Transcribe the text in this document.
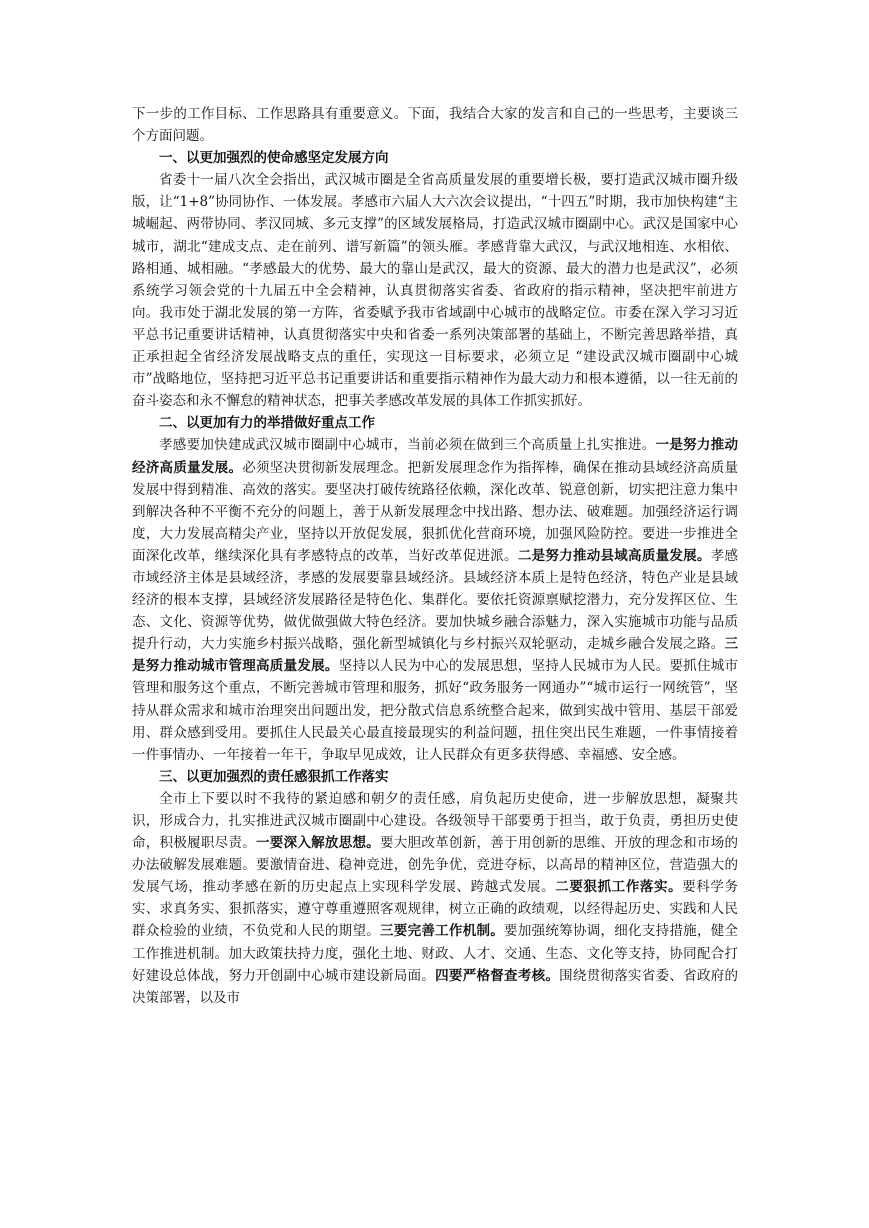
下一步的工作目标、工作思路具有重要意义。下面，我结合大家的发言和自己的一些思考，主要谈三个方面问题。

一、以更加强烈的使命感坚定发展方向

省委十一届八次全会指出，武汉城市圈是全省高质量发展的重要增长极，要打造武汉城市圈升级版，让“1+8”协同协作、一体发展。孝感市六届人大六次会议提出，“十四五”时期，我市加快构建“主城崛起、两带协同、孝汉同城、多元支撑”的区域发展格局，打造武汉城市圈副中心。武汉是国家中心城市，湖北“建成支点、走在前列、谱写新篇”的领头雁。孝感背靠大武汉，与武汉地相连、水相依、路相通、城相融。“孝感最大的优势、最大的靠山是武汉，最大的资源、最大的潜力也是武汉”，必须系统学习领会党的十九届五中全会精神，认真贯彻落实省委、省政府的指示精神，坚决把牢前进方向。我市处于湖北发展的第一方阵，省委赋予我市省域副中心城市的战略定位。市委在深入学习习近平总书记重要讲话精神，认真贯彻落实中央和省委一系列决策部署的基础上，不断完善思路举措，真正承担起全省经济发展战略支点的重任，实现这一目标要求，必须立足 “建设武汉城市圈副中心城市”战略地位，坚持把习近平总书记重要讲话和重要指示精神作为最大动力和根本遵循，以一往无前的奋斗姿态和永不懈怠的精神状态，把事关孝感改革发展的具体工作抓实抓好。

二、以更加有力的举措做好重点工作

孝感要加快建成武汉城市圈副中心城市，当前必须在做到三个高质量上扎实推进。一是努力推动经济高质量发展。必须坚决贯彻新发展理念。把新发展理念作为指挥棒，确保在推动县域经济高质量发展中得到精准、高效的落实。要坚决打破传统路径依赖，深化改革、锐意创新，切实把注意力集中到解决各种不平衡不充分的问题上，善于从新发展理念中找出路、想办法、破难题。加强经济运行调度，大力发展高精尖产业，坚持以开放促发展，狠抓优化营商环境，加强风险防控。要进一步推进全面深化改革，继续深化具有孝感特点的改革，当好改革促进派。二是努力推动县域高质量发展。孝感市域经济主体是县域经济，孝感的发展要靠县域经济。县域经济本质上是特色经济，特色产业是县域经济的根本支撑，县域经济发展路径是特色化、集群化。要依托资源禀赋挖潜力，充分发挥区位、生态、文化、资源等优势，做优做强做大特色经济。要加快城乡融合添魅力，深入实施城市功能与品质提升行动，大力实施乡村振兴战略，强化新型城镇化与乡村振兴双轮驱动，走城乡融合发展之路。三是努力推动城市管理高质量发展。坚持以人民为中心的发展思想，坚持人民城市为人民。要抓住城市管理和服务这个重点，不断完善城市管理和服务，抓好“政务服务一网通办”“城市运行一网统管”，坚持从群众需求和城市治理突出问题出发，把分散式信息系统整合起来，做到实战中管用、基层干部爱用、群众感到受用。要抓住人民最关心最直接最现实的利益问题，扭住突出民生难题，一件事情接着一件事情办、一年接着一年干，争取早见成效，让人民群众有更多获得感、幸福感、安全感。

三、以更加强烈的责任感狠抓工作落实

全市上下要以时不我待的紧迫感和朝夕的责任感，肩负起历史使命，进一步解放思想，凝聚共识，形成合力，扎实推进武汉城市圈副中心建设。各级领导干部要勇于担当，敢于负责，勇担历史使命，积极履职尽责。一要深入解放思想。要大胆改革创新，善于用创新的思维、开放的理念和市场的办法破解发展难题。要激情奋进、稳神竞进，创先争优，竞进夺标，以高昂的精神区位，营造强大的发展气场，推动孝感在新的历史起点上实现科学发展、跨越式发展。二要狠抓工作落实。要科学务实、求真务实、狠抓落实，遵守尊重遵照客观规律，树立正确的政绩观，以经得起历史、实践和人民群众检验的业绩，不负党和人民的期望。三要完善工作机制。要加强统筹协调，细化支持措施，健全工作推进机制。加大政策扶持力度，强化土地、财政、人才、交通、生态、文化等支持，协同配合打好建设总体战，努力开创副中心城市建设新局面。四要严格督查考核。围绕贯彻落实省委、省政府的决策部署，以及市
